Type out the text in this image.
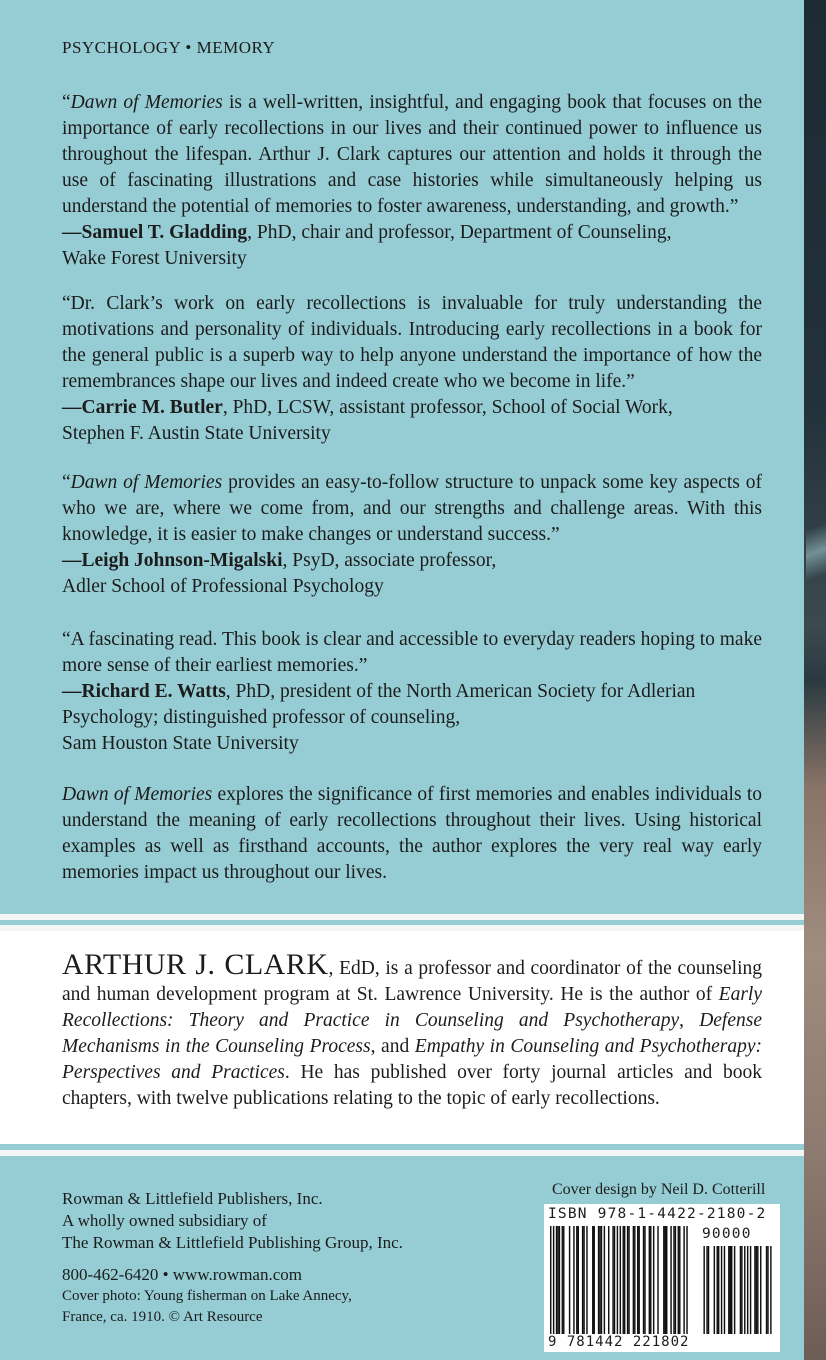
PSYCHOLOGY • MEMORY

“Dawn of Memories is a well-written, insightful, and engaging book that focuses on the importance of early recollections in our lives and their continued power to influence us throughout the lifespan. Arthur J. Clark captures our attention and holds it through the use of fascinating illustrations and case histories while simultaneously helping us understand the potential of memories to foster awareness, understanding, and growth.”

—Samuel T. Gladding, PhD, chair and professor, Department of Counseling,
Wake Forest University

“Dr. Clark’s work on early recollections is invaluable for truly understanding the motivations and personality of individuals. Introducing early recollections in a book for the general public is a superb way to help anyone understand the importance of how the remembrances shape our lives and indeed create who we become in life.”

—Carrie M. Butler, PhD, LCSW, assistant professor, School of Social Work,
Stephen F. Austin State University

“Dawn of Memories provides an easy-to-follow structure to unpack some key aspects of who we are, where we come from, and our strengths and challenge areas. With this knowledge, it is easier to make changes or understand success.”

—Leigh Johnson-Migalski, PsyD, associate professor,
Adler School of Professional Psychology

“A fascinating read. This book is clear and accessible to everyday readers hoping to make more sense of their earliest memories.”

—Richard E. Watts, PhD, president of the North American Society for Adlerian
Psychology; distinguished professor of counseling,
Sam Houston State University

Dawn of Memories explores the significance of first memories and enables individuals to understand the meaning of early recollections throughout their lives. Using historical examples as well as firsthand accounts, the author explores the very real way early memories impact us throughout our lives.
ARTHUR J. CLARK, EdD, is a professor and coordinator of the counseling and human development program at St. Lawrence University. He is the author of Early Recollections: Theory and Practice in Counseling and Psychotherapy, Defense Mechanisms in the Counseling Process, and Empathy in Counseling and Psychotherapy: Perspectives and Practices. He has published over forty journal articles and book chapters, with twelve publications relating to the topic of early recollections.
Rowman & Littlefield Publishers, Inc.
A wholly owned subsidiary of
The Rowman & Littlefield Publishing Group, Inc.
800-462-6420 • www.rowman.com
Cover photo: Young fisherman on Lake Annecy,
France, ca. 1910. © Art Resource
Cover design by Neil D. Cotterill
ISBN 978-1-4422-2180-2
90000
9 781442 221802
